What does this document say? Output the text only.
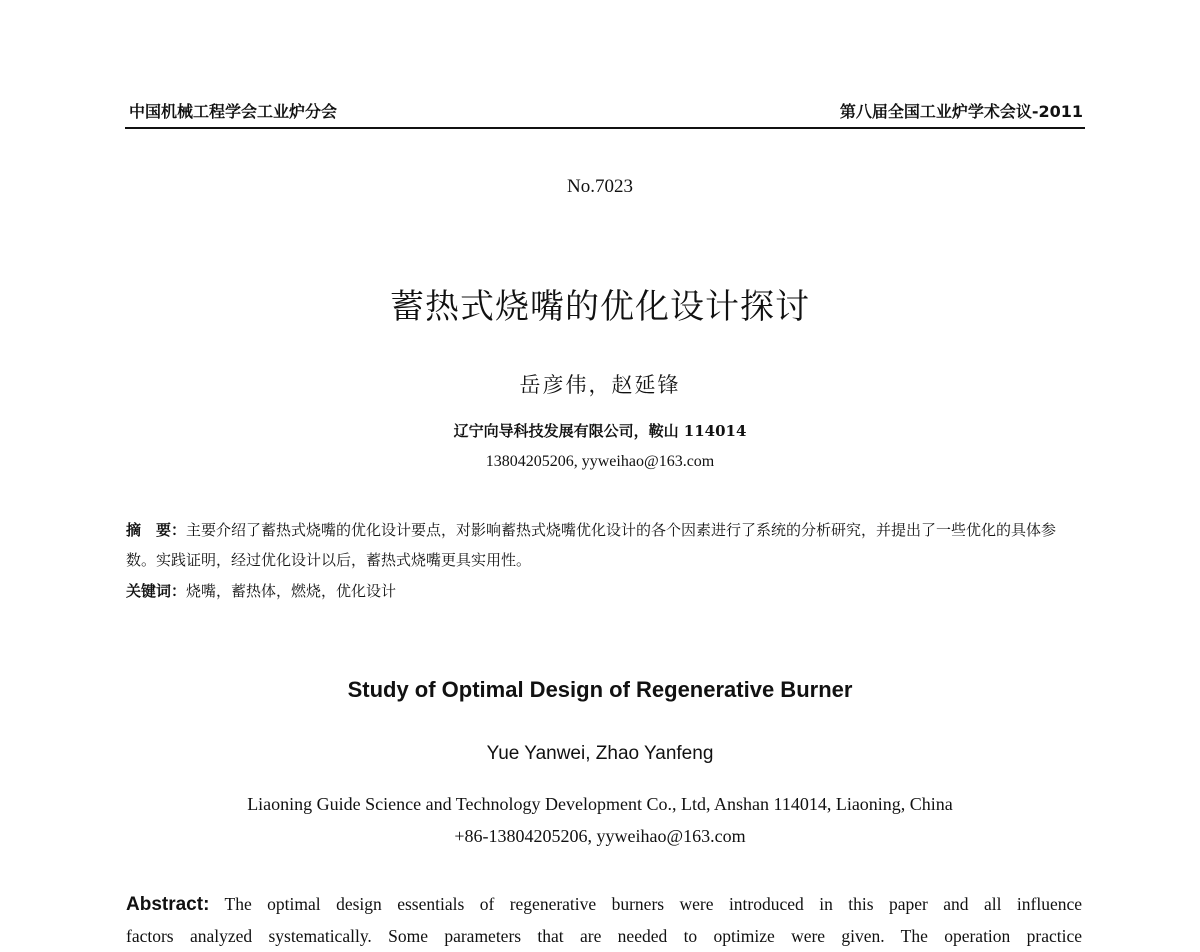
中国机械工程学会工业炉分会	第八届全国工业炉学术会议-2011
No.7023
蓄热式烧嘴的优化设计探讨
岳彦伟，赵延锋
辽宁向导科技发展有限公司，鞍山 114014
13804205206, yyweihao@163.com
摘　要：主要介绍了蓄热式烧嘴的优化设计要点，对影响蓄热式烧嘴优化设计的各个因素进行了系统的分析研究，并提出了一些优化的具体参数。实践证明，经过优化设计以后，蓄热式烧嘴更具实用性。
关键词：烧嘴，蓄热体，燃烧，优化设计
Study of Optimal Design of Regenerative Burner
Yue Yanwei, Zhao Yanfeng
Liaoning Guide Science and Technology Development Co., Ltd, Anshan 114014, Liaoning, China
+86-13804205206, yyweihao@163.com
Abstract: The optimal design essentials of regenerative burners were introduced in this paper and all influence
factors analyzed systematically. Some parameters that are needed to optimize were given. The operation practice
